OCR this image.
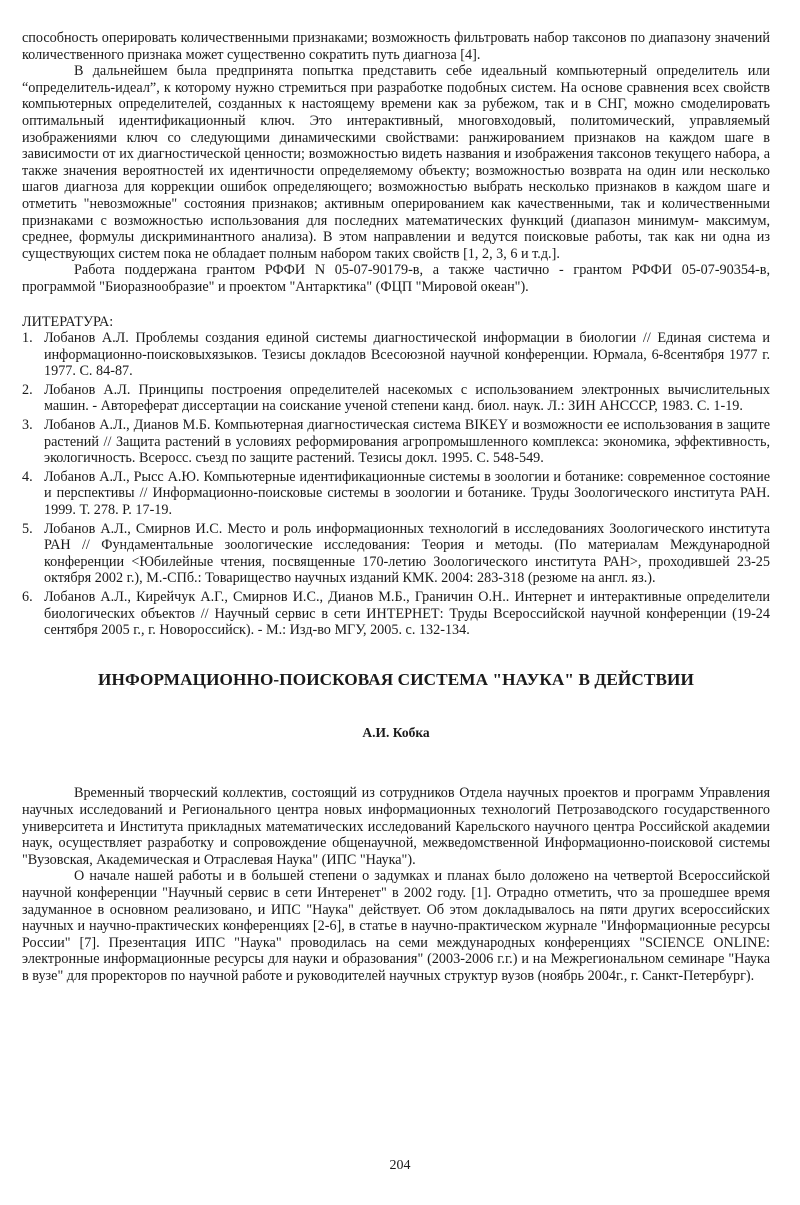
способность оперировать количественными признаками; возможность фильтровать набор таксонов по диапазону значений количественного признака может существенно сократить путь диагноза [4].

В дальнейшем была предпринята попытка представить себе идеальный компьютерный определитель или “определитель-идеал”, к которому нужно стремиться при разработке подобных систем. На основе сравнения всех свойств компьютерных определителей, созданных к настоящему времени как за рубежом, так и в СНГ, можно смоделировать оптимальный идентификационный ключ. Это интерактивный, многовходовый, политомический, управляемый изображениями ключ со следующими динамическими свойствами: ранжированием признаков на каждом шаге в зависимости от их диагностической ценности; возможностью видеть названия и изображения таксонов текущего набора, а также значения вероятностей их идентичности определяемому объекту; возможностью возврата на один или несколько шагов диагноза для коррекции ошибок определяющего; возможностью выбрать несколько признаков в каждом шаге и отметить "невозможные" состояния признаков; активным оперированием как качественными, так и количественными признаками с возможностью использования для последних математических функций (диапазон минимум- максимум, среднее, формулы дискриминантного анализа). В этом направлении и ведутся поисковые работы, так как ни одна из существующих систем пока не обладает полным набором таких свойств [1, 2, 3, 6 и т.д.].

Работа поддержана грантом РФФИ N 05-07-90179-в, а также частично - грантом РФФИ 05-07-90354-в, программой "Биоразнообразие" и проектом "Антарктика" (ФЦП "Мировой океан").

ЛИТЕРАТУРА:

1. Лобанов А.Л. Проблемы создания единой системы диагностической информации в биологии // Единая система и информационно-поисковыхязыков. Тезисы докладов Всесоюзной научной конференции. Юрмала, 6-8сентября 1977 г. 1977. С. 84-87.
2. Лобанов А.Л. Принципы построения определителей насекомых с использованием электронных вычислительных машин. - Автореферат диссертации на соискание ученой степени канд. биол. наук. Л.: ЗИН АНСССР, 1983. С. 1-19.
3. Лобанов А.Л., Дианов М.Б. Компьютерная диагностическая система BIKEY и возможности ее использования в защите растений // Защита растений в условиях реформирования агропромышленного комплекса: экономика, эффективность, экологичность. Всеросс. съезд по защите растений. Тезисы докл. 1995. С. 548-549.
4. Лобанов А.Л., Рысс А.Ю. Компьютерные идентификационные системы в зоологии и ботанике: современное состояние и перспективы // Информационно-поисковые системы в зоологии и ботанике. Труды Зоологического института РАН. 1999. Т. 278. Р. 17-19.
5. Лобанов А.Л., Смирнов И.С. Место и роль информационных технологий в исследованиях Зоологического института РАН // Фундаментальные зоологические исследования: Теория и методы. (По материалам Международной конференции <Юбилейные чтения, посвященные 170-летию Зоологического института РАН>, проходившей 23-25 октября 2002 г.), М.-СПб.: Товарищество научных изданий КМК. 2004: 283-318 (резюме на англ. яз.).
6. Лобанов А.Л., Кирейчук А.Г., Смирнов И.С., Дианов М.Б., Граничин О.Н.. Интернет и интерактивные определители биологических объектов // Научный сервис в сети ИНТЕРНЕТ: Труды Всероссийской научной конференции (19-24 сентября 2005 г., г. Новороссийск). - М.: Изд-во МГУ, 2005. с. 132-134.
ИНФОРМАЦИОННО-ПОИСКОВАЯ СИСТЕМА "НАУКА" В ДЕЙСТВИИ
А.И. Кобка

Временный творческий коллектив, состоящий из сотрудников Отдела научных проектов и программ Управления научных исследований и Регионального центра новых информационных технологий Петрозаводского государственного университета и Института прикладных математических исследований Карельского научного центра Российской академии наук, осуществляет разработку и сопровождение общенаучной, межведомственной Информационно-поисковой системы "Вузовская, Академическая и Отраслевая Наука" (ИПС "Наука").

О начале нашей работы и в большей степени о задумках и планах было доложено на четвертой Всероссийской научной конференции "Научный сервис в сети Интеренет" в 2002 году. [1]. Отрадно отметить, что за прошедшее время задуманное в основном реализовано, и ИПС "Наука" действует. Об этом докладывалось на пяти других всероссийских научных и научно-практических конференциях [2-6], в статье в научно-практическом журнале "Информационные ресурсы России" [7]. Презентация ИПС "Наука" проводилась на семи международных конференциях "SCIENCE ONLINE: электронные информационные ресурсы для науки и образования" (2003-2006 г.г.) и на Межрегиональном семинаре "Наука в вузе" для проректоров по научной работе и руководителей научных структур вузов (ноябрь 2004г., г. Санкт-Петербург).

204
